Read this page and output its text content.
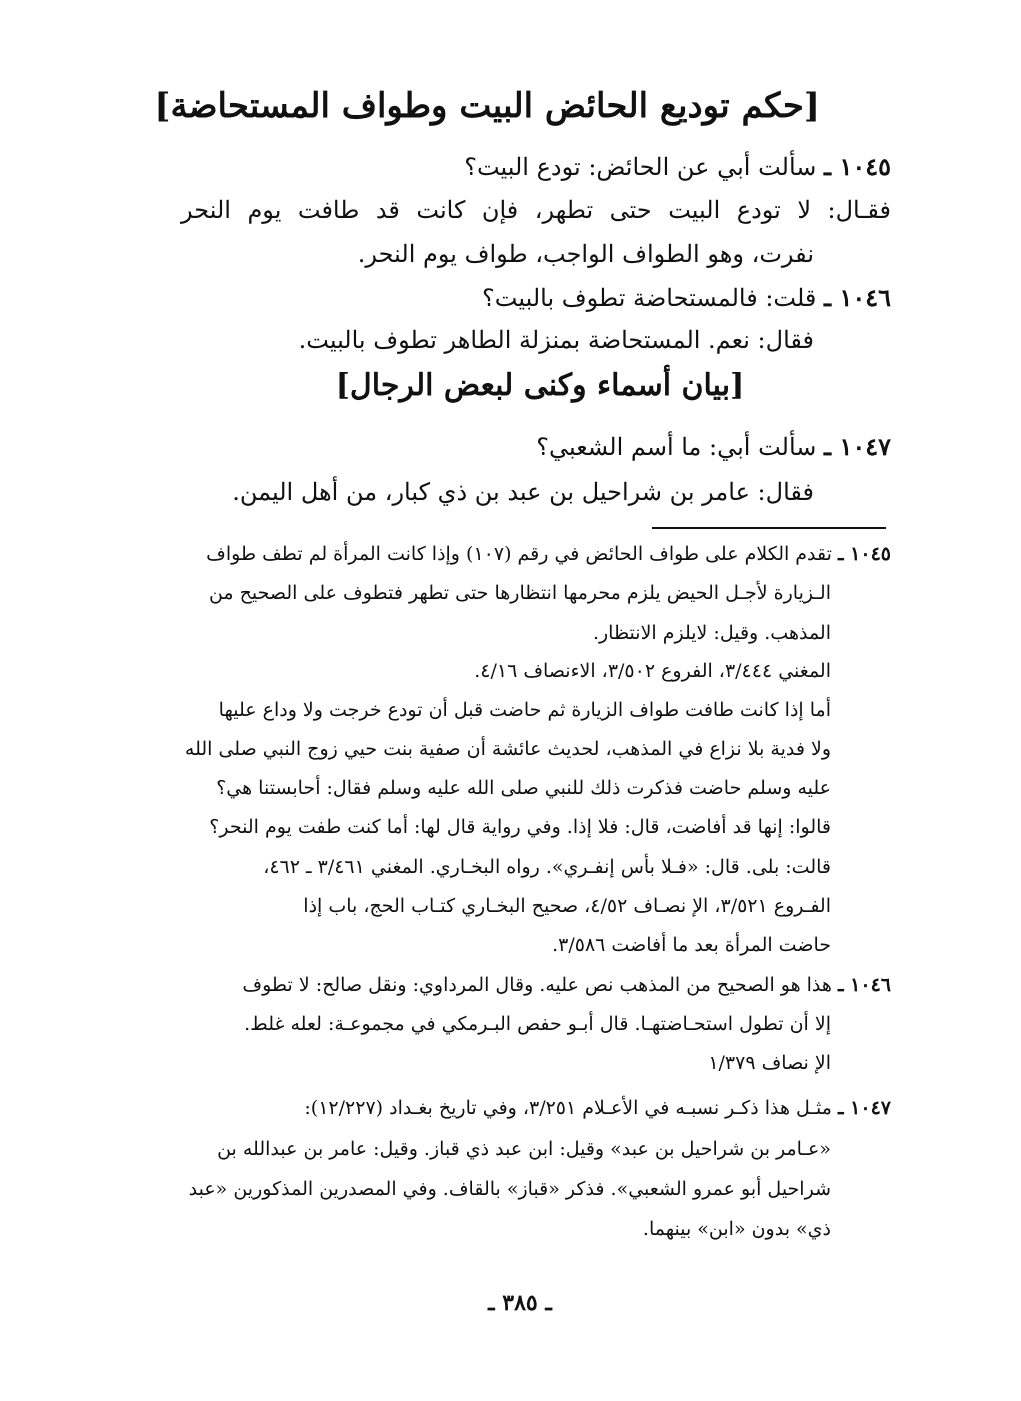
[حكم توديع الحائض البيت وطواف المستحاضة]
١٠٤٥ ـ سألت أبي عن الحائض: تودع البيت؟
فقـال: لا تودع البيت حتى تطهر، فإن كانت قد طافت يوم النحر
نفرت، وهو الطواف الواجب، طواف يوم النحر.
١٠٤٦ ـ قلت: فالمستحاضة تطوف بالبيت؟
فقال: نعم. المستحاضة بمنزلة الطاهر تطوف بالبيت.
[بيان أسماء وكنى لبعض الرجال]
١٠٤٧ ـ سألت أبي: ما أسم الشعبي؟
فقال: عامر بن شراحيل بن عبد بن ذي كبار، من أهل اليمن.
١٠٤٥ ـ تقدم الكلام على طواف الحائض في رقم (١٠٧) وإذا كانت المرأة لم تطف طواف
الـزيارة لأجـل الحيض يلزم محرمها انتظارها حتى تطهر فتطوف على الصحيح من
المذهب. وقيل: لايلزم الانتظار.
المغني ٣/٤٤٤، الفروع ٣/٥٠٢، الاءنصاف ٤/١٦.
أما إذا كانت طافت طواف الزيارة ثم حاضت قبل أن تودع خرجت ولا وداع عليها
ولا فدية بلا نزاع في المذهب، لحديث عائشة أن صفية بنت حيي زوج النبي صلى الله
عليه وسلم حاضت فذكرت ذلك للنبي صلى الله عليه وسلم فقال: أحابستنا هي؟
قالوا: إنها قد أفاضت، قال: فلا إذا. وفي رواية قال لها: أما كنت طفت يوم النحر؟
قالت: بلى. قال: «فـلا بأس إنفـري». رواه البخـاري. المغني ٣/٤٦١ ـ ٤٦٢،
الفـروع ٣/٥٢١، الإ نصـاف ٤/٥٢، صحيح البخـاري كتـاب الحج، باب إذا
حاضت المرأة بعد ما أفاضت ٣/٥٨٦.
١٠٤٦ ـ هذا هو الصحيح من المذهب نص عليه. وقال المرداوي: ونقل صالح: لا تطوف
إلا أن تطول استحـاضتهـا. قال أبـو حفص البـرمكي في مجموعـة: لعله غلط.
الإ نصاف ١/٣٧٩
١٠٤٧ ـ مثـل هذا ذكـر نسبـه في الأعـلام ٣/٢٥١، وفي تاريخ بغـداد (١٢/٢٢٧):
«عـامر بن شراحيل بن عبد» وقيل: ابن عبد ذي قباز. وقيل: عامر بن عبدالله بن
شراحيل أبو عمرو الشعبي». فذكر «قباز» بالقاف. وفي المصدرين المذكورين «عبد
ذي» بدون «ابن» بينهما.
ـ ٣٨٥ ـ
